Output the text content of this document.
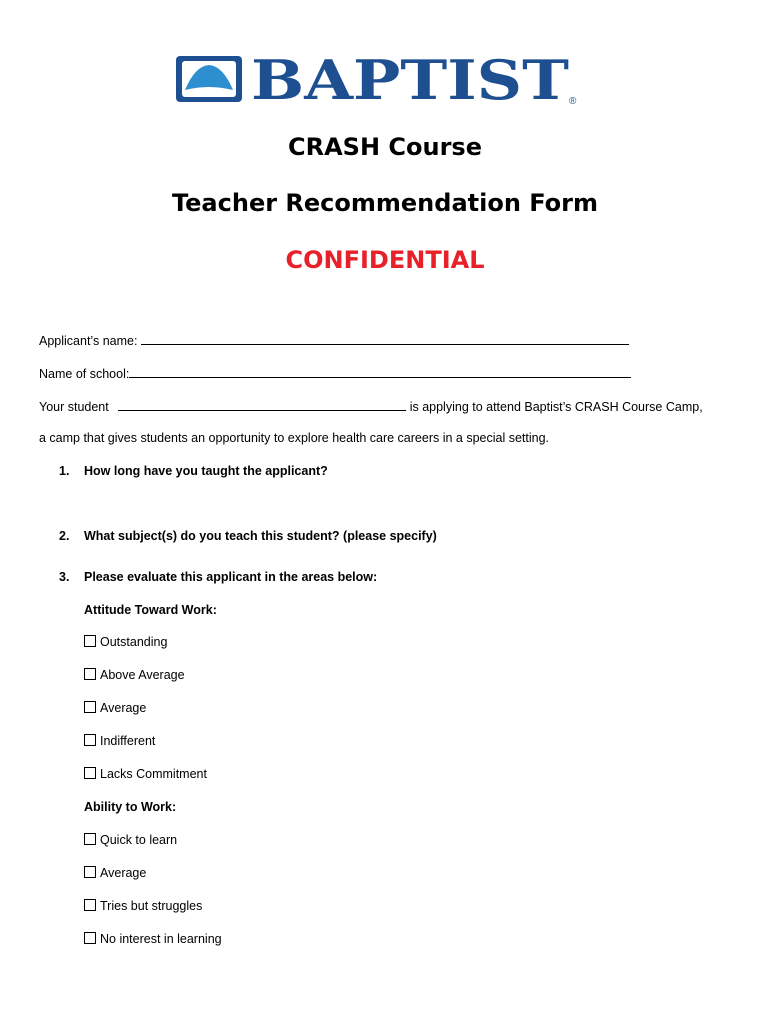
BAPTIST ®
CRASH Course
Teacher Recommendation Form
CONFIDENTIAL
Applicant’s name:
Name of school:
Your student	is applying to attend Baptist’s CRASH Course Camp,
a camp that gives students an opportunity to explore health care careers in a special setting.
1. How long have you taught the applicant?
2. What subject(s) do you teach this student? (please specify)
3. Please evaluate this applicant in the areas below:
Attitude Toward Work:
Outstanding
Above Average
Average
Indifferent
Lacks Commitment
Ability to Work:
Quick to learn
Average
Tries but struggles
No interest in learning
